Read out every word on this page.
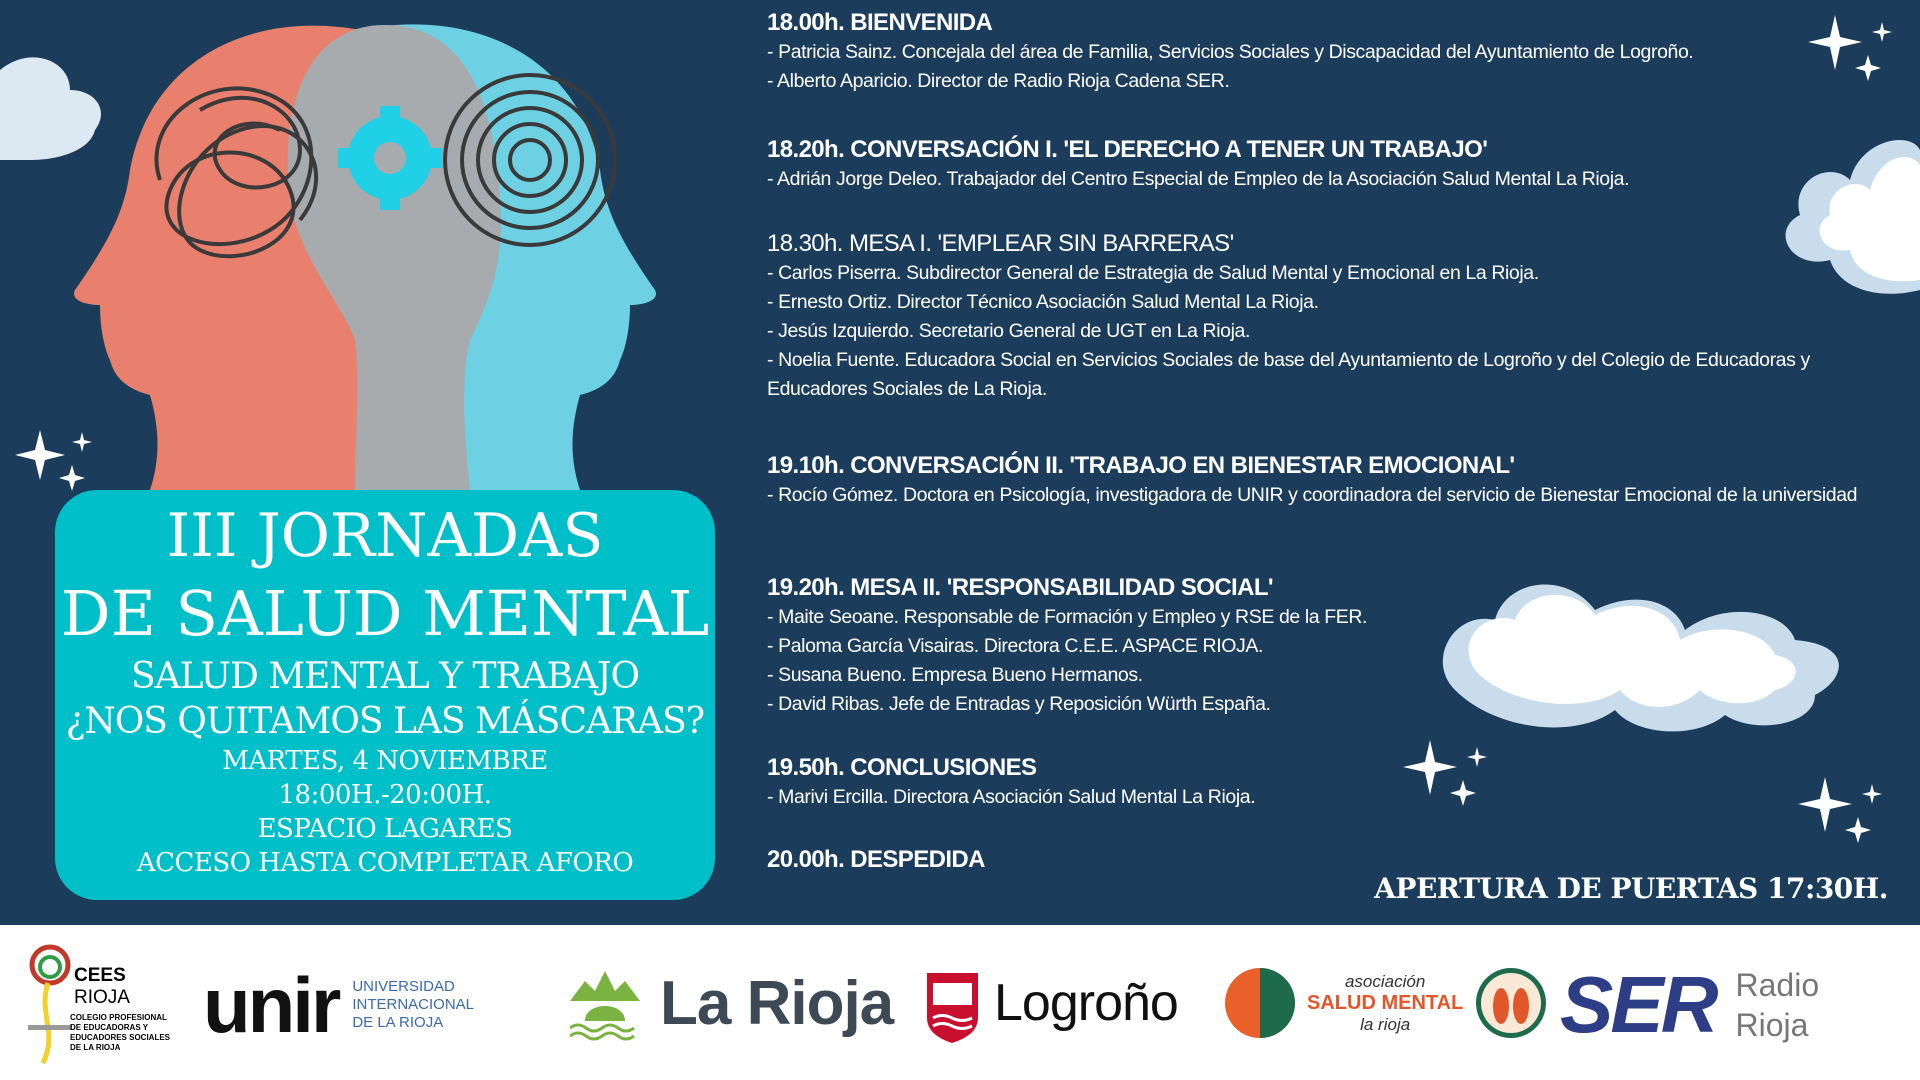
III JORNADAS
DE SALUD MENTAL
SALUD MENTAL Y TRABAJO
¿NOS QUITAMOS LAS MÁSCARAS?
MARTES, 4 NOVIEMBRE
18:00H.-20:00H.
ESPACIO LAGARES
ACCESO HASTA COMPLETAR AFORO
18.00h. BIENVENIDA
- Patricia Sainz. Concejala del área de Familia, Servicios Sociales y Discapacidad del Ayuntamiento de Logroño.
- Alberto Aparicio. Director de Radio Rioja Cadena SER.
18.20h. CONVERSACIÓN I. 'EL DERECHO A TENER UN TRABAJO'
- Adrián Jorge Deleo. Trabajador del Centro Especial de Empleo de la Asociación Salud Mental La Rioja.
18.30h. MESA I. 'EMPLEAR SIN BARRERAS'
- Carlos Piserra. Subdirector General de Estrategia de Salud Mental y Emocional en La Rioja.
- Ernesto Ortiz. Director Técnico Asociación Salud Mental La Rioja.
- Jesús Izquierdo. Secretario General de UGT en La Rioja.
- Noelia Fuente. Educadora Social en Servicios Sociales de base del Ayuntamiento de Logroño y del Colegio de Educadoras y Educadores Sociales de La Rioja.
19.10h. CONVERSACIÓN II. 'TRABAJO EN BIENESTAR EMOCIONAL'
- Rocío Gómez. Doctora en Psicología, investigadora de UNIR y coordinadora del servicio de Bienestar Emocional de la universidad
19.20h. MESA II. 'RESPONSABILIDAD SOCIAL'
- Maite Seoane. Responsable de Formación y Empleo y RSE de la FER.
- Paloma García Visairas. Directora C.E.E. ASPACE RIOJA.
- Susana Bueno. Empresa Bueno Hermanos.
- David Ribas. Jefe de Entradas y Reposición Würth España.
19.50h. CONCLUSIONES
- Marivi Ercilla. Directora Asociación Salud Mental La Rioja.
20.00h. DESPEDIDA
APERTURA DE PUERTAS 17:30H.
CEES
RIOJA
COLEGIO PROFESIONAL
DE EDUCADORAS Y
EDUCADORES SOCIALES
DE LA RIOJA	unir UNIVERSIDAD
INTERNACIONAL
DE LA RIOJA	La Rioja Logroño	asociación
SALUD MENTAL
la rioja	SER Radio
Rioja
